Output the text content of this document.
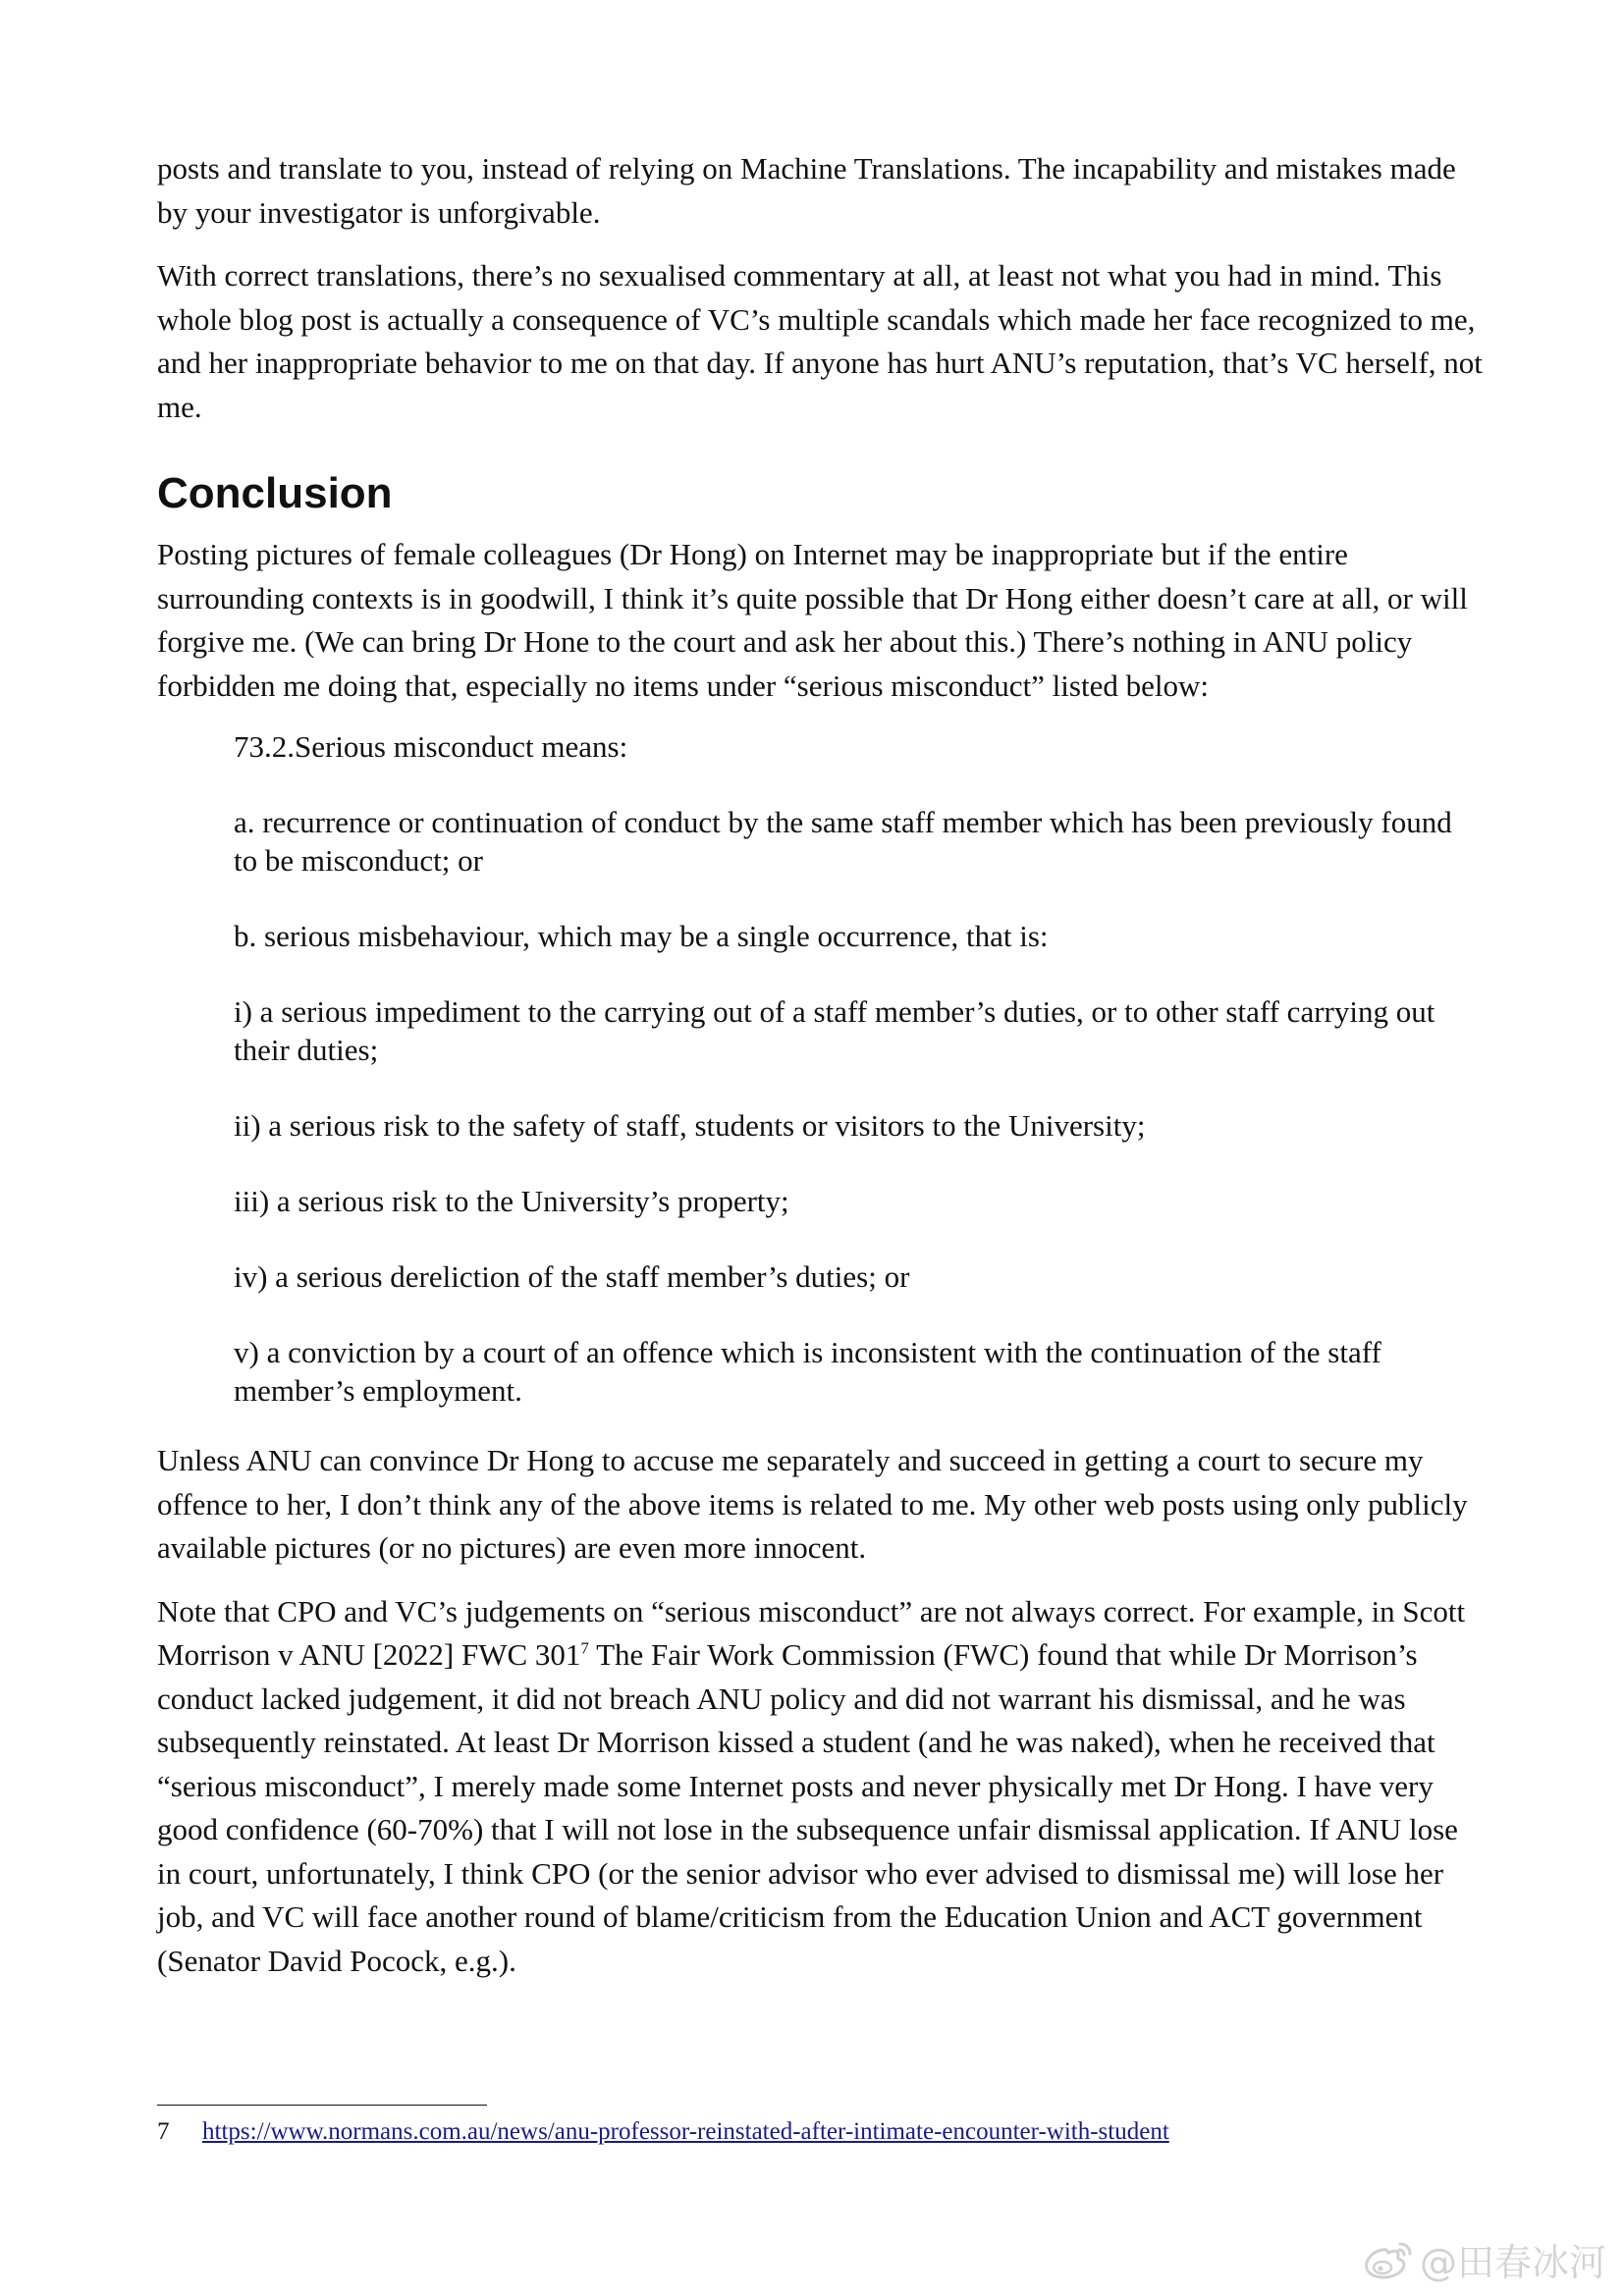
posts and translate to you, instead of relying on Machine Translations. The incapability and mistakes made by your investigator is unforgivable.

With correct translations, there’s no sexualised commentary at all, at least not what you had in mind. This whole blog post is actually a consequence of VC’s multiple scandals which made her face recognized to me, and her inappropriate behavior to me on that day. If anyone has hurt ANU’s reputation, that’s VC herself, not me.

Conclusion

Posting pictures of female colleagues (Dr Hong) on Internet may be inappropriate but if the entire surrounding contexts is in goodwill, I think it’s quite possible that Dr Hong either doesn’t care at all, or will forgive me. (We can bring Dr Hone to the court and ask her about this.) There’s nothing in ANU policy forbidden me doing that, especially no items under “serious misconduct” listed below:

73.2.Serious misconduct means:

a. recurrence or continuation of conduct by the same staff member which has been previously found to be misconduct; or

b. serious misbehaviour, which may be a single occurrence, that is:

i) a serious impediment to the carrying out of a staff member’s duties, or to other staff carrying out their duties;

ii) a serious risk to the safety of staff, students or visitors to the University;

iii) a serious risk to the University’s property;

iv) a serious dereliction of the staff member’s duties; or

v) a conviction by a court of an offence which is inconsistent with the continuation of the staff member’s employment.

Unless ANU can convince Dr Hong to accuse me separately and succeed in getting a court to secure my offence to her, I don’t think any of the above items is related to me. My other web posts using only publicly available pictures (or no pictures) are even more innocent.

Note that CPO and VC’s judgements on “serious misconduct” are not always correct. For example, in Scott Morrison v ANU [2022] FWC 301$^7$ The Fair Work Commission (FWC) found that while Dr Morrison’s conduct lacked judgement, it did not breach ANU policy and did not warrant his dismissal, and he was subsequently reinstated. At least Dr Morrison kissed a student (and he was naked), when he received that “serious misconduct”, I merely made some Internet posts and never physically met Dr Hong. I have very good confidence (60-70%) that I will not lose in the subsequence unfair dismissal application. If ANU lose in court, unfortunately, I think CPO (or the senior advisor who ever advised to dismissal me) will lose her job, and VC will face another round of blame/criticism from the Education Union and ACT government (Senator David Pocock, e.g.).

7 https://www.normans.com.au/news/anu-professor-reinstated-after-intimate-encounter-with-student
@田春冰河
